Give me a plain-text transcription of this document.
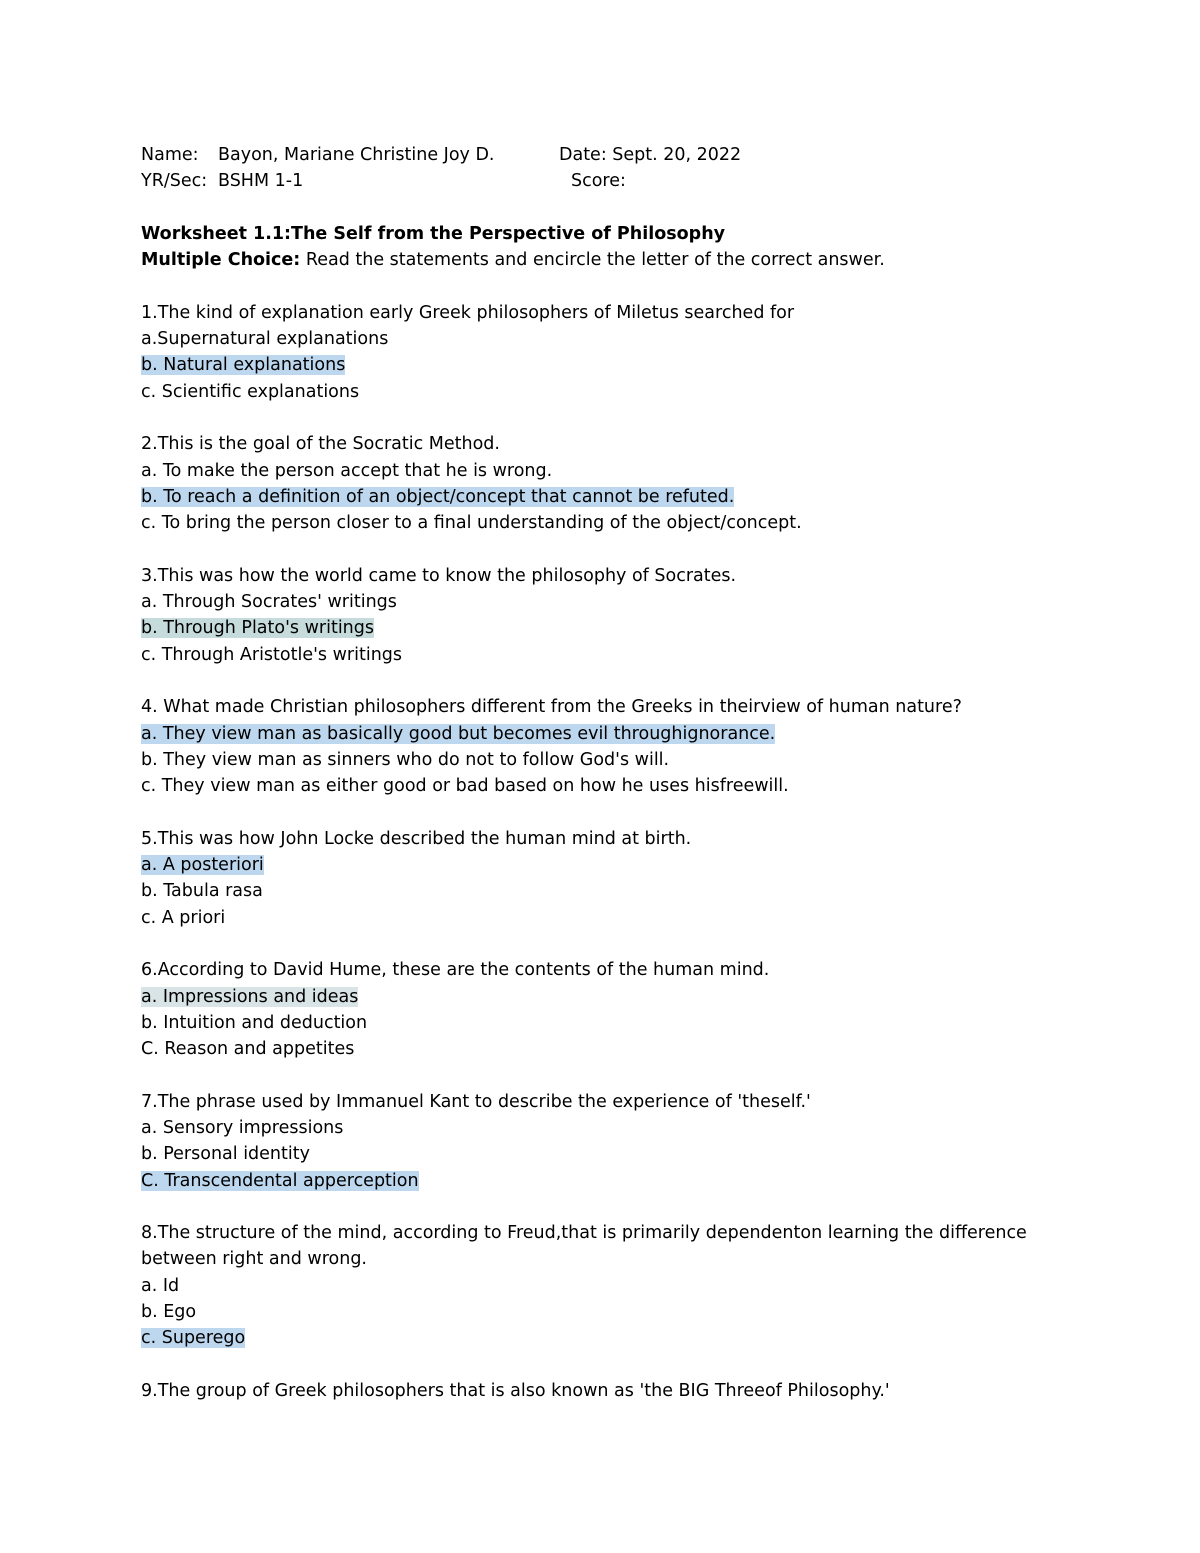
Name: Bayon, Mariane Christine Joy D.	Date: Sept. 20, 2022
YR/Sec: BSHM 1-1	Score:
Worksheet 1.1:The Self from the Perspective of Philosophy
Multiple Choice: Read the statements and encircle the letter of the correct answer.
1.The kind of explanation early Greek philosophers of Miletus searched for
a.Supernatural explanations
b. Natural explanations
c. Scientific explanations
2.This is the goal of the Socratic Method.
a. To make the person accept that he is wrong.
b. To reach a definition of an object/concept that cannot be refuted.
c. To bring the person closer to a final understanding of the object/concept.
3.This was how the world came to know the philosophy of Socrates.
a. Through Socrates' writings
b. Through Plato's writings
c. Through Aristotle's writings
4. What made Christian philosophers different from the Greeks in theirview of human nature?
a. They view man as basically good but becomes evil throughignorance.
b. They view man as sinners who do not to follow God's will.
c. They view man as either good or bad based on how he uses hisfreewill.
5.This was how John Locke described the human mind at birth.
a. A posteriori
b. Tabula rasa
c. A priori
6.According to David Hume, these are the contents of the human mind.
a. Impressions and ideas
b. Intuition and deduction
C. Reason and appetites
7.The phrase used by Immanuel Kant to describe the experience of 'theself.'
a. Sensory impressions
b. Personal identity
C. Transcendental apperception
8.The structure of the mind, according to Freud,that is primarily dependenton learning the difference
between right and wrong.
a. Id
b. Ego
c. Superego
9.The group of Greek philosophers that is also known as 'the BIG Threeof Philosophy.'
